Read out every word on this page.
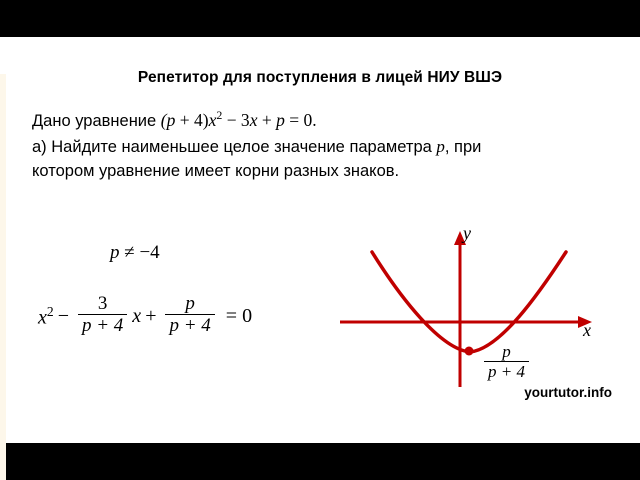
Репетитор для поступления в лицей НИУ ВШЭ
Дано уравнение $(p + 4)x^2 - 3x + p = 0$.
а) Найдите наименьшее целое значение параметра p, при
котором уравнение имеет корни разных знаков.
p ≠ −4
$x^2 - \frac{3}{p + 4}$ $x + \frac{p}{p + 4} = 0$
y
x
$\frac{p}{p + 4}$
yourtutor.info
